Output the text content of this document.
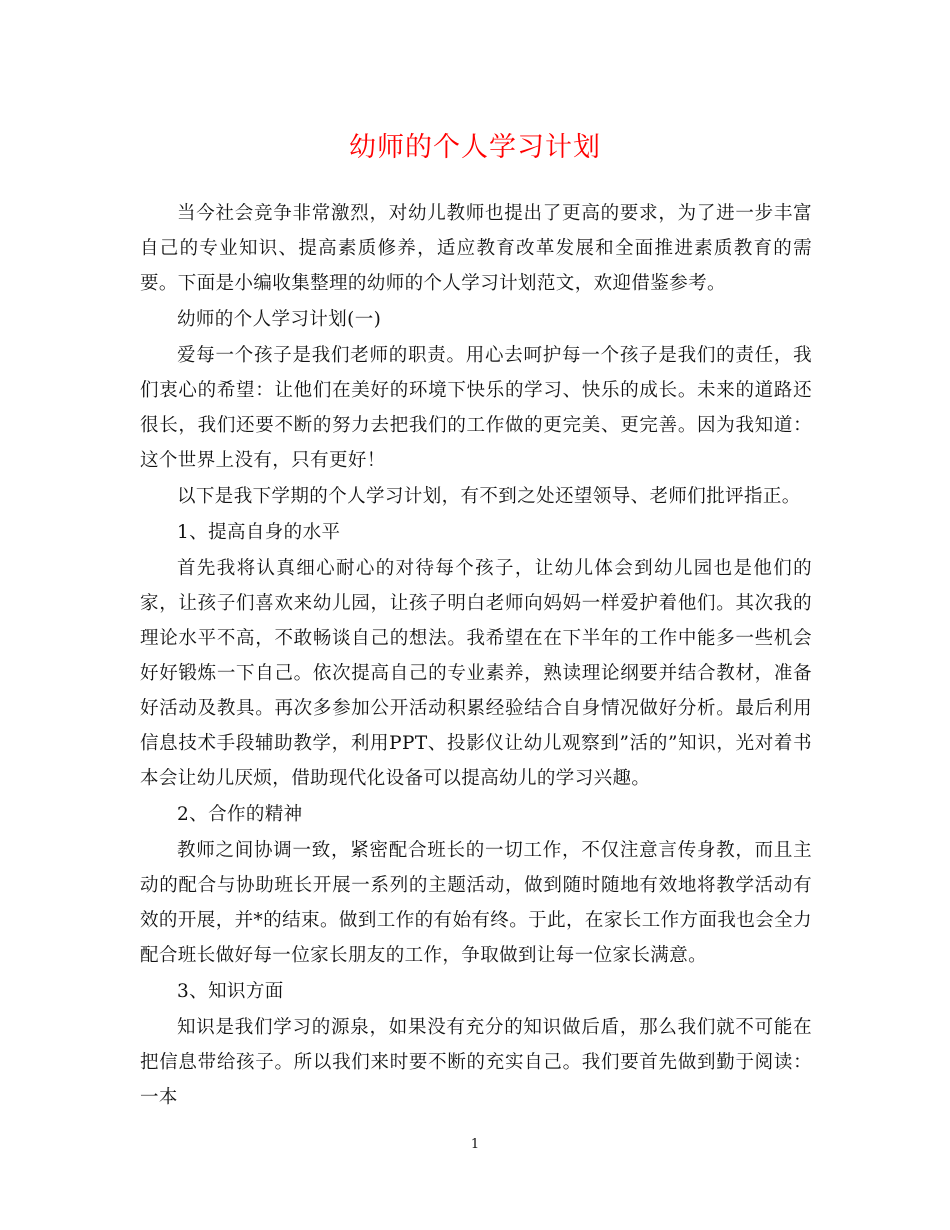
幼师的个人学习计划

当今社会竞争非常激烈，对幼儿教师也提出了更高的要求，为了进一步丰富自己的专业知识、提高素质修养，适应教育改革发展和全面推进素质教育的需要。下面是小编收集整理的幼师的个人学习计划范文，欢迎借鉴参考。

幼师的个人学习计划(一)

爱每一个孩子是我们老师的职责。用心去呵护每一个孩子是我们的责任，我们衷心的希望：让他们在美好的环境下快乐的学习、快乐的成长。未来的道路还很长，我们还要不断的努力去把我们的工作做的更完美、更完善。因为我知道：这个世界上没有，只有更好！

以下是我下学期的个人学习计划，有不到之处还望领导、老师们批评指正。

1、提高自身的水平

首先我将认真细心耐心的对待每个孩子，让幼儿体会到幼儿园也是他们的家，让孩子们喜欢来幼儿园，让孩子明白老师向妈妈一样爱护着他们。其次我的理论水平不高，不敢畅谈自己的想法。我希望在在下半年的工作中能多一些机会好好锻炼一下自己。依次提高自己的专业素养，熟读理论纲要并结合教材，准备好活动及教具。再次多参加公开活动积累经验结合自身情况做好分析。最后利用信息技术手段辅助教学，利用PPT、投影仪让幼儿观察到”活的”知识，光对着书本会让幼儿厌烦，借助现代化设备可以提高幼儿的学习兴趣。

2、合作的精神

教师之间协调一致，紧密配合班长的一切工作，不仅注意言传身教，而且主动的配合与协助班长开展一系列的主题活动，做到随时随地有效地将教学活动有效的开展，并*的结束。做到工作的有始有终。于此，在家长工作方面我也会全力配合班长做好每一位家长朋友的工作，争取做到让每一位家长满意。

3、知识方面

知识是我们学习的源泉，如果没有充分的知识做后盾，那么我们就不可能在把信息带给孩子。所以我们来时要不断的充实自己。我们要首先做到勤于阅读：一本

1
